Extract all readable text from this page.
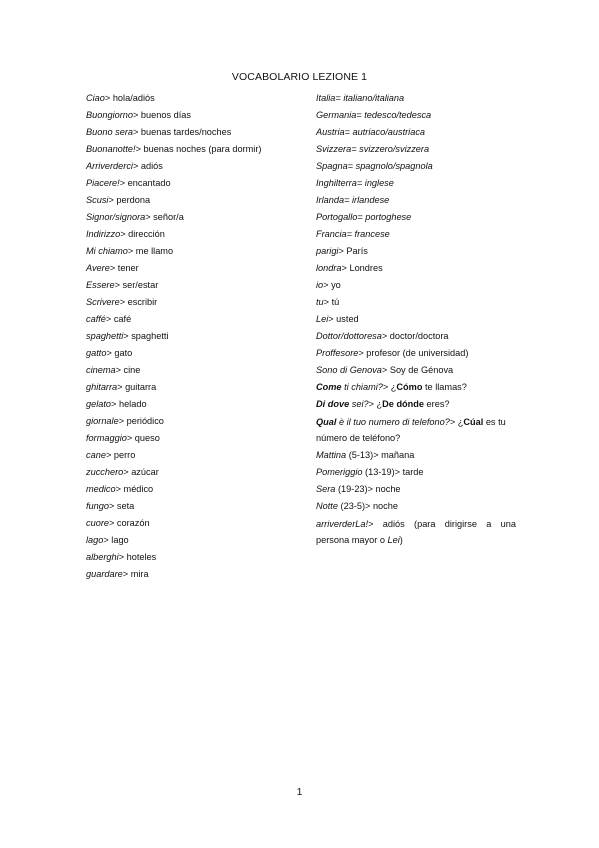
VOCABOLARIO LEZIONE 1
Ciao> hola/adiós
Buongiorno> buenos días
Buono sera> buenas tardes/noches
Buonanotte!> buenas noches (para dormir)
Arriverderci> adiós
Piacere!> encantado
Scusi> perdona
Signor/signora> señor/a
Indirizzo> dirección
Mi chiamo> me llamo
Avere> tener
Essere> ser/estar
Scrivere> escribir
caffé> café
spaghetti> spaghetti
gatto> gato
cinema> cine
ghitarra> guitarra
gelato> helado
giornale> periódico
formaggio> queso
cane> perro
zucchero> azúcar
medico> médico
fungo> seta
cuore> corazón
lago> lago
alberghi> hoteles
guardare> mira
Italia= italiano/italiana
Germania= tedesco/tedesca
Austria= autriaco/austriaca
Svizzera= svizzero/svizzera
Spagna= spagnolo/spagnola
Inghilterra= inglese
Irlanda= irlandese
Portogallo= portoghese
Francia= francese
parigi> París
londra> Londres
io> yo
tu> tú
Lei> usted
Dottor/dottoresa> doctor/doctora
Proffesore> profesor (de universidad)
Sono di Genova> Soy de Génova
Come ti chiami?> ¿Cómo te llamas?
Di dove sei?> ¿De dónde eres?
Qual è il tuo numero di telefono?> ¿Cúal es tu número de teléfono?
Mattina (5-13)> mañana
Pomeriggio (13-19)> tarde
Sera (19-23)> noche
Notte (23-5)> noche
arriverderLa!> adiós (para dirigirse a una persona mayor o Lei)
1
